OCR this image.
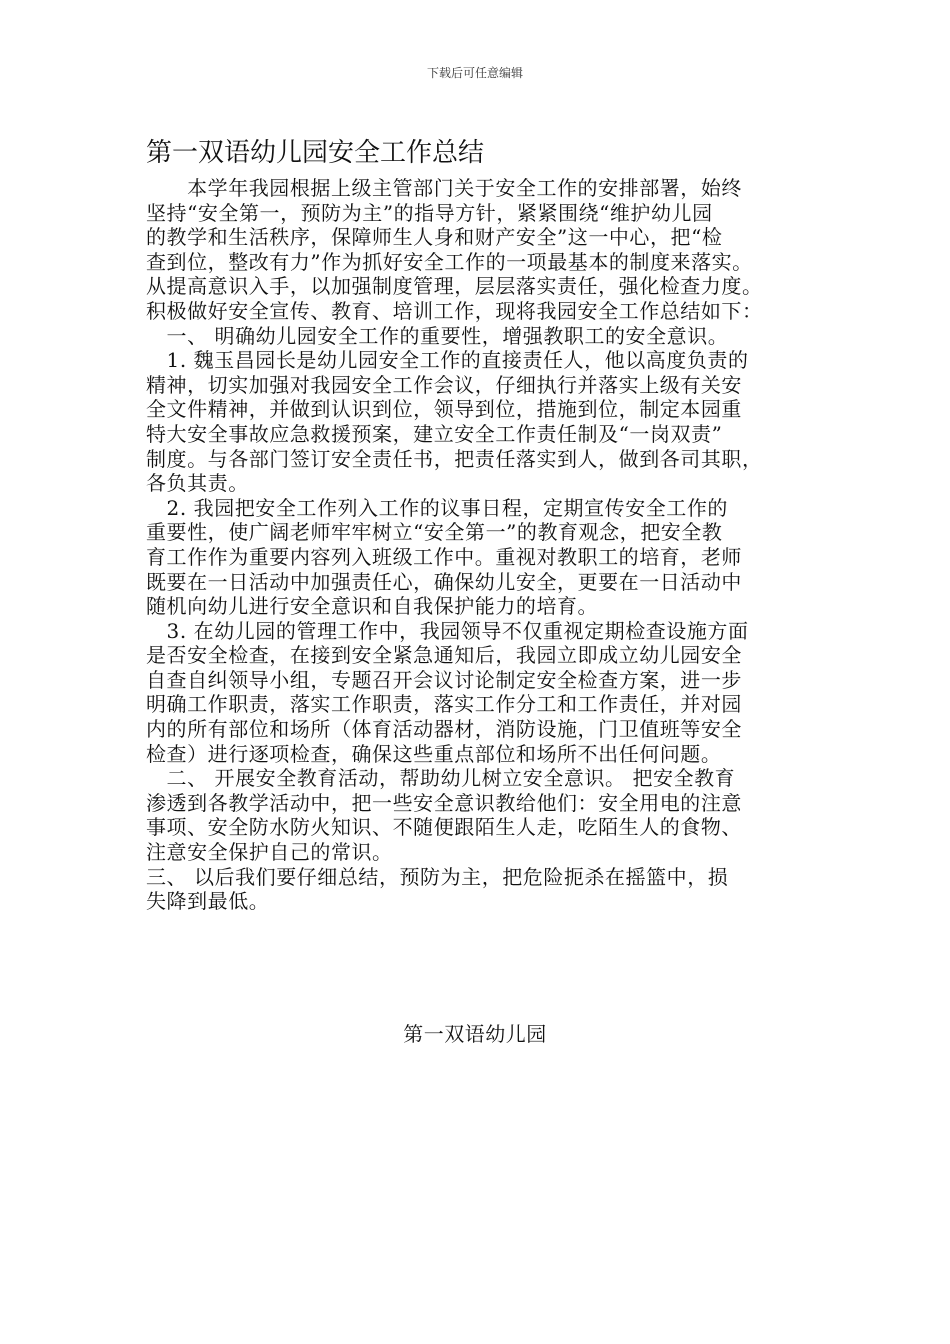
下载后可任意编辑
第一双语幼儿园安全工作总结
　　本学年我园根据上级主管部门关于安全工作的安排部署，始终
坚持“安全第一，预防为主”的指导方针，紧紧围绕“维护幼儿园
的教学和生活秩序，保障师生人身和财产安全”这一中心，把“检
查到位，整改有力”作为抓好安全工作的一项最基本的制度来落实。
从提高意识入手，以加强制度管理，层层落实责任，强化检查力度。
积极做好安全宣传、教育、培训工作，现将我园安全工作总结如下：
　一、 明确幼儿园安全工作的重要性，增强教职工的安全意识。
　1. 魏玉昌园长是幼儿园安全工作的直接责任人，他以高度负责的
精神，切实加强对我园安全工作会议，仔细执行并落实上级有关安
全文件精神，并做到认识到位，领导到位，措施到位，制定本园重
特大安全事故应急救援预案，建立安全工作责任制及“一岗双责”
制度。与各部门签订安全责任书，把责任落实到人，做到各司其职，
各负其责。
　2. 我园把安全工作列入工作的议事日程，定期宣传安全工作的
重要性，使广阔老师牢牢树立“安全第一”的教育观念，把安全教
育工作作为重要内容列入班级工作中。重视对教职工的培育，老师
既要在一日活动中加强责任心，确保幼儿安全，更要在一日活动中
随机向幼儿进行安全意识和自我保护能力的培育。
　3. 在幼儿园的管理工作中，我园领导不仅重视定期检查设施方面
是否安全检查，在接到安全紧急通知后，我园立即成立幼儿园安全
自查自纠领导小组，专题召开会议讨论制定安全检查方案，进一步
明确工作职责，落实工作职责，落实工作分工和工作责任，并对园
内的所有部位和场所（体育活动器材，消防设施，门卫值班等安全
检查）进行逐项检查，确保这些重点部位和场所不出任何问题。
　二、 开展安全教育活动，帮助幼儿树立安全意识。 把安全教育
渗透到各教学活动中，把一些安全意识教给他们：安全用电的注意
事项、安全防水防火知识、不随便跟陌生人走，吃陌生人的食物、
注意安全保护自己的常识。
三、 以后我们要仔细总结，预防为主，把危险扼杀在摇篮中，损
失降到最低。
第一双语幼儿园
